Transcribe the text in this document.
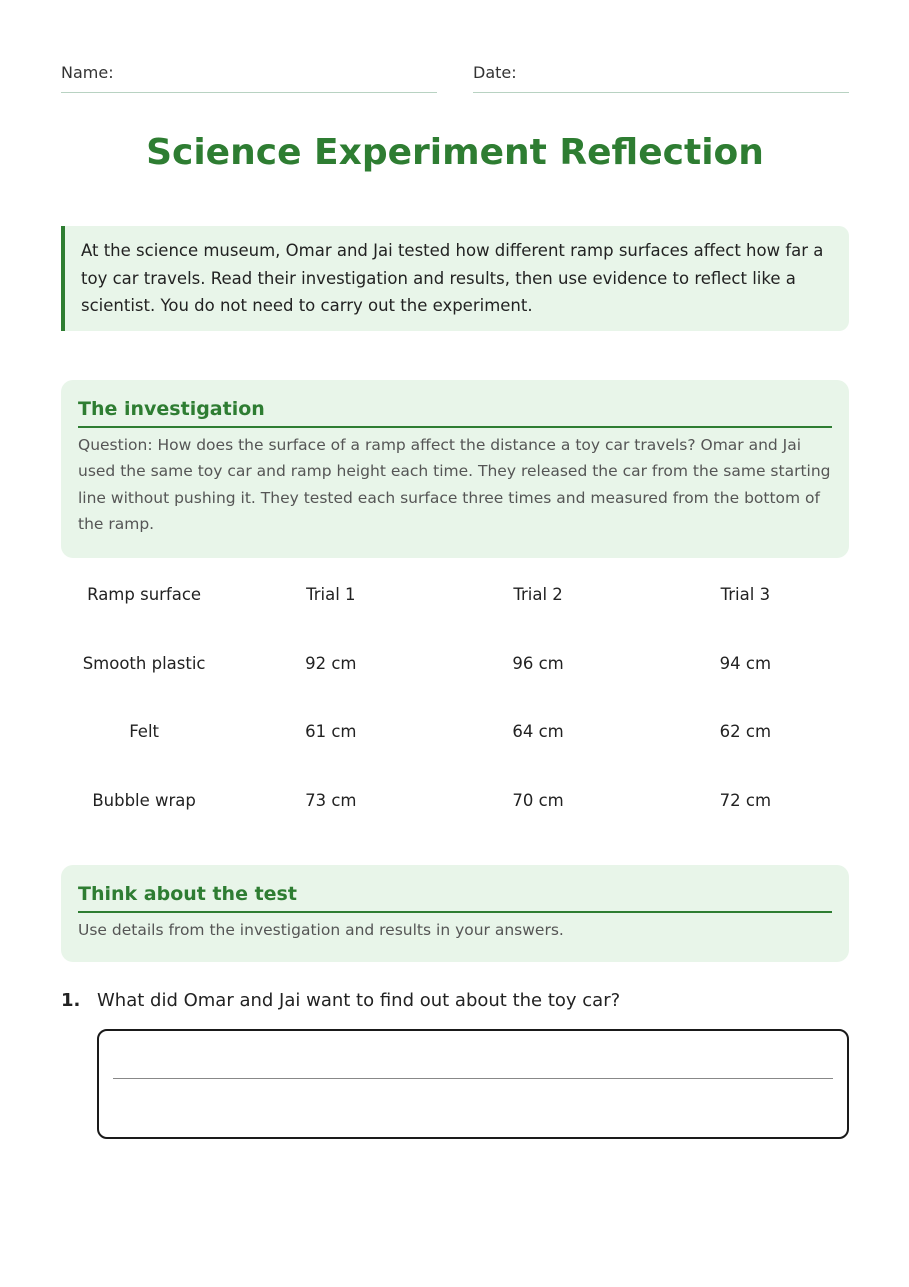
Name:	Date:
Science Experiment Reflection
At the science museum, Omar and Jai tested how different ramp surfaces affect how far a toy car travels. Read their investigation and results, then use evidence to reflect like a scientist. You do not need to carry out the experiment.
The investigation
Question: How does the surface of a ramp affect the distance a toy car travels? Omar and Jai used the same toy car and ramp height each time. They released the car from the same starting line without pushing it. They tested each surface three times and measured from the bottom of the ramp.
Ramp surface	Trial 1	Trial 2	Trial 3
Smooth plastic	92 cm	96 cm	94 cm
Felt	61 cm	64 cm	62 cm
Bubble wrap	73 cm	70 cm	72 cm
Think about the test
Use details from the investigation and results in your answers.
1. What did Omar and Jai want to find out about the toy car?
